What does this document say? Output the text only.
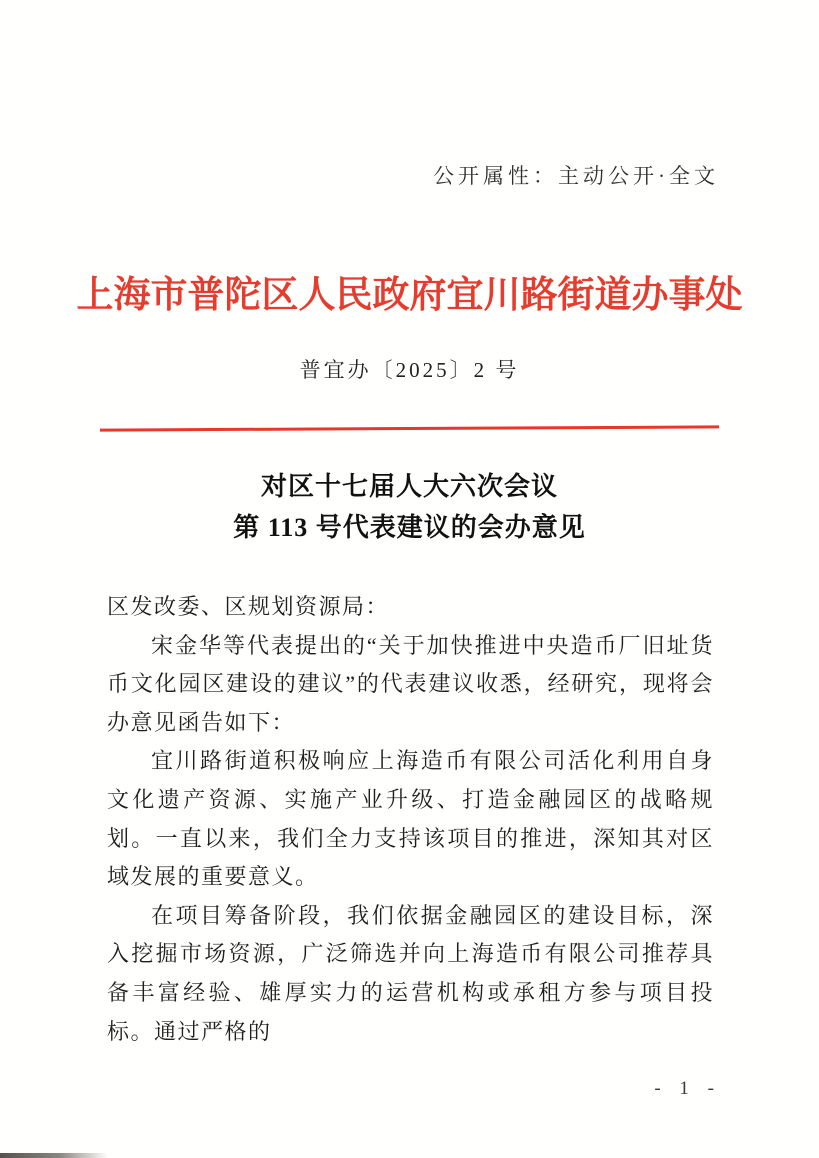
公开属性：主动公开·全文
上海市普陀区人民政府宜川路街道办事处
普宜办〔2025〕2 号
对区十七届人大六次会议
第 113 号代表建议的会办意见

区发改委、区规划资源局：

宋金华等代表提出的“关于加快推进中央造币厂旧址货币文化园区建设的建议”的代表建议收悉，经研究，现将会办意见函告如下：

宜川路街道积极响应上海造币有限公司活化利用自身文化遗产资源、实施产业升级、打造金融园区的战略规划。一直以来，我们全力支持该项目的推进，深知其对区域发展的重要意义。

在项目筹备阶段，我们依据金融园区的建设目标，深入挖掘市场资源，广泛筛选并向上海造币有限公司推荐具备丰富经验、雄厚实力的运营机构或承租方参与项目投标。通过严格的

- 1 -
